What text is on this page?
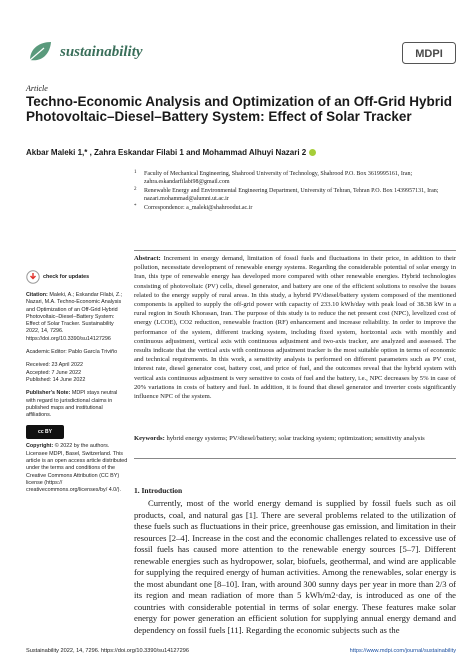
sustainability	MDPI
Article
Techno-Economic Analysis and Optimization of an Off-Grid Hybrid Photovoltaic–Diesel–Battery System: Effect of Solar Tracker
Akbar Maleki 1,* , Zahra Eskandar Filabi 1 and Mohammad Alhuyi Nazari 2
1 Faculty of Mechanical Engineering, Shahrood University of Technology, Shahrood P.O. Box 3619995161, Iran; zahra.eskandarfilabi98@gmail.com
2 Renewable Energy and Environmental Engineering Department, University of Tehran, Tehran P.O. Box 1439957131, Iran; nazari.mohammad@alumni.ut.ac.ir
* Correspondence: a_maleki@shahroodut.ac.ir
check for updates
Citation: Maleki, A.; Eskandar Filabi, Z.; Nazari, M.A. Techno-Economic Analysis and Optimization of an Off-Grid Hybrid Photovoltaic–Diesel–Battery System: Effect of Solar Tracker. Sustainability 2022, 14, 7296. https://doi.org/10.3390/su14127296
Academic Editor: Pablo García Triviño
Received: 23 April 2022
Accepted: 7 June 2022
Published: 14 June 2022
Publisher’s Note: MDPI stays neutral with regard to jurisdictional claims in published maps and institutional affiliations.
cc BY
Copyright: © 2022 by the authors. Licensee MDPI, Basel, Switzerland. This article is an open access article distributed under the terms and conditions of the Creative Commons Attribution (CC BY) license (https:// creativecommons.org/licenses/by/ 4.0/).
Abstract: Increment in energy demand, limitation of fossil fuels and fluctuations in their price, in addition to their pollution, necessitate development of renewable energy systems. Regarding the considerable potential of solar energy in Iran, this type of renewable energy has developed more compared with other renewable energies. Hybrid technologies consisting of photovoltaic (PV) cells, diesel generator, and battery are one of the efficient solutions to resolve the issues related to the energy supply of rural areas. In this study, a hybrid PV/diesel/battery system composed of the mentioned components is applied to supply the off-grid power with capacity of 233.10 kWh/day with peak load of 38.38 kW in a rural region in South Khorasan, Iran. The purpose of this study is to reduce the net present cost (NPC), levelized cost of energy (LCOE), CO2 reduction, renewable fraction (RF) enhancement and increase reliability. In order to improve the performance of the system, different tracking system, including fixed system, horizontal axis with monthly and continuous adjustment, vertical axis with continuous adjustment and two-axis tracker, are analyzed and assessed. The results indicate that the vertical axis with continuous adjustment tracker is the most suitable option in terms of economic and technical requirements. In this work, a sensitivity analysis is performed on different parameters such as PV cost, interest rate, diesel generator cost, battery cost, and price of fuel, and the outcomes reveal that the hybrid system with vertical axis continuous adjustment is very sensitive to costs of fuel and the battery, i.e., NPC decreases by 5% in case of 20% variations in costs of battery and fuel. In addition, it is found that diesel generator and inverter costs significantly influence NPC of the system.
Keywords: hybrid energy systems; PV/diesel/battery; solar tracking system; optimization; sensitivity analysis
1. Introduction
Currently, most of the world energy demand is supplied by fossil fuels such as oil products, coal, and natural gas [1]. There are several problems related to the utilization of these fuels such as fluctuations in their price, greenhouse gas emission, and limitation in their resources [2–4]. Increase in the cost and the economic challenges related to excessive use of fossil fuels has caused more attention to the renewable energy sources [5–7]. Different renewable energies such as hydropower, solar, biofuels, geothermal, and wind are applicable for supplying the required energy of human activities. Among the renewables, solar energy is the most abundant one [8–10]. Iran, with around 300 sunny days per year in more than 2/3 of its region and mean radiation of more than 5 kWh/m2·day, is introduced as one of the countries with considerable potential in terms of solar energy. These features make solar energy for power generation an efficient solution for supplying annual energy demand and dependency on fossil fuels [11]. Regarding the economic subjects such as the
Sustainability 2022, 14, 7296. https://doi.org/10.3390/su14127296	https://www.mdpi.com/journal/sustainability
